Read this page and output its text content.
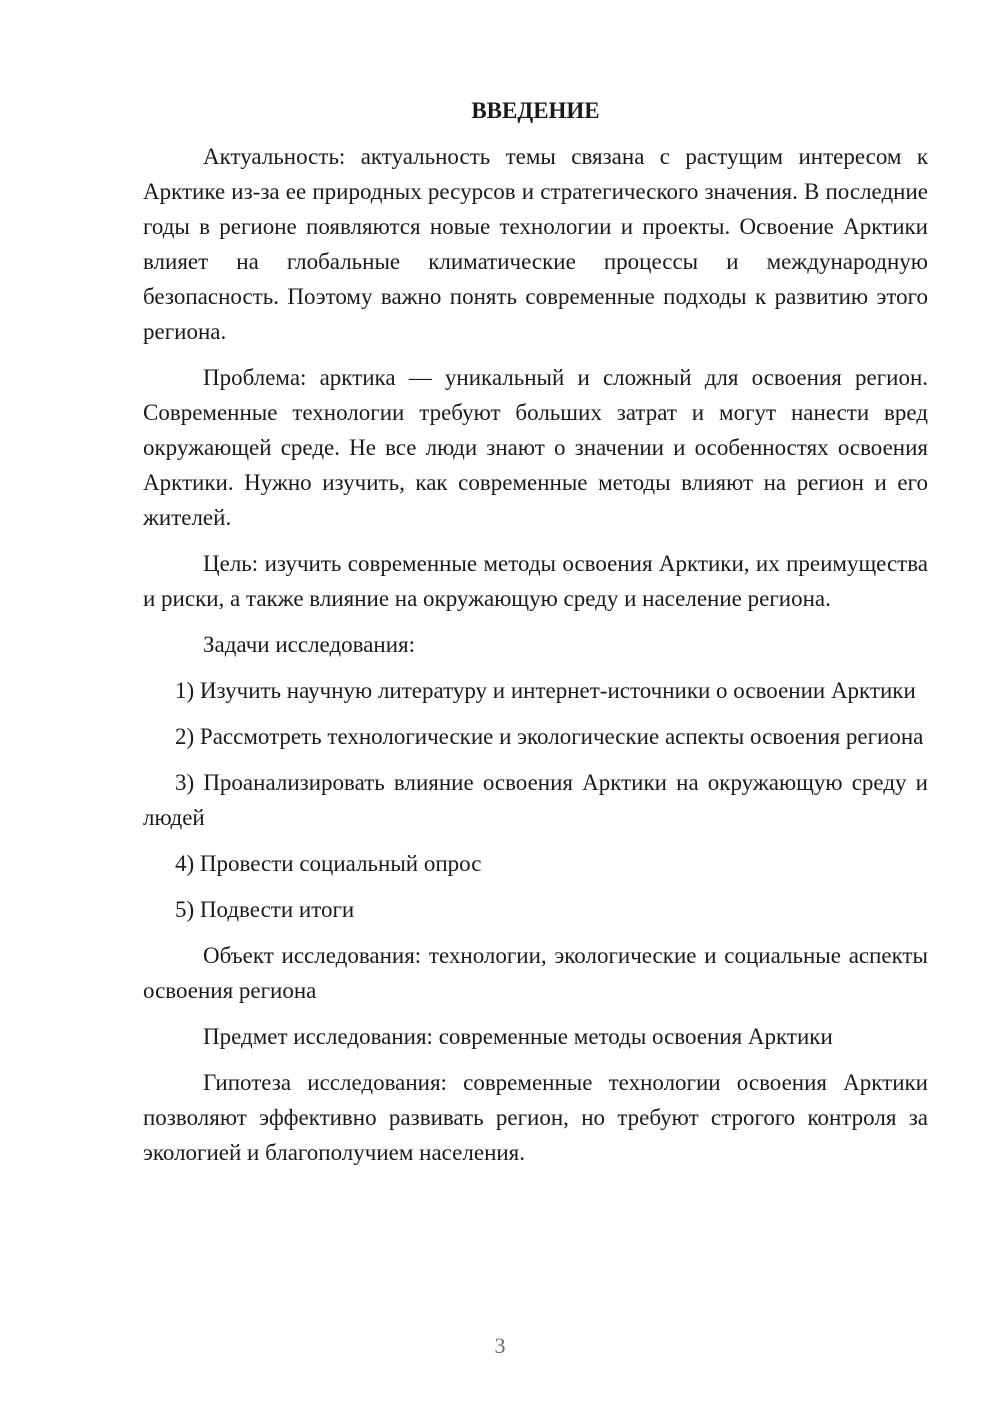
ВВЕДЕНИЕ
Актуальность: актуальность темы связана с растущим интересом к Арктике из-за ее природных ресурсов и стратегического значения. В последние годы в регионе появляются новые технологии и проекты. Освоение Арктики влияет на глобальные климатические процессы и международную безопасность. Поэтому важно понять современные подходы к развитию этого региона.
Проблема: арктика — уникальный и сложный для освоения регион. Современные технологии требуют больших затрат и могут нанести вред окружающей среде. Не все люди знают о значении и особенностях освоения Арктики. Нужно изучить, как современные методы влияют на регион и его жителей.
Цель: изучить современные методы освоения Арктики, их преимущества и риски, а также влияние на окружающую среду и население региона.
Задачи исследования:
1) Изучить научную литературу и интернет-источники о освоении Арктики
2) Рассмотреть технологические и экологические аспекты освоения региона
3) Проанализировать влияние освоения Арктики на окружающую среду и людей
4) Провести социальный опрос
5) Подвести итоги
Объект исследования: технологии, экологические и социальные аспекты освоения региона
Предмет исследования: современные методы освоения Арктики
Гипотеза исследования: современные технологии освоения Арктики позволяют эффективно развивать регион, но требуют строгого контроля за экологией и благополучием населения.
3
